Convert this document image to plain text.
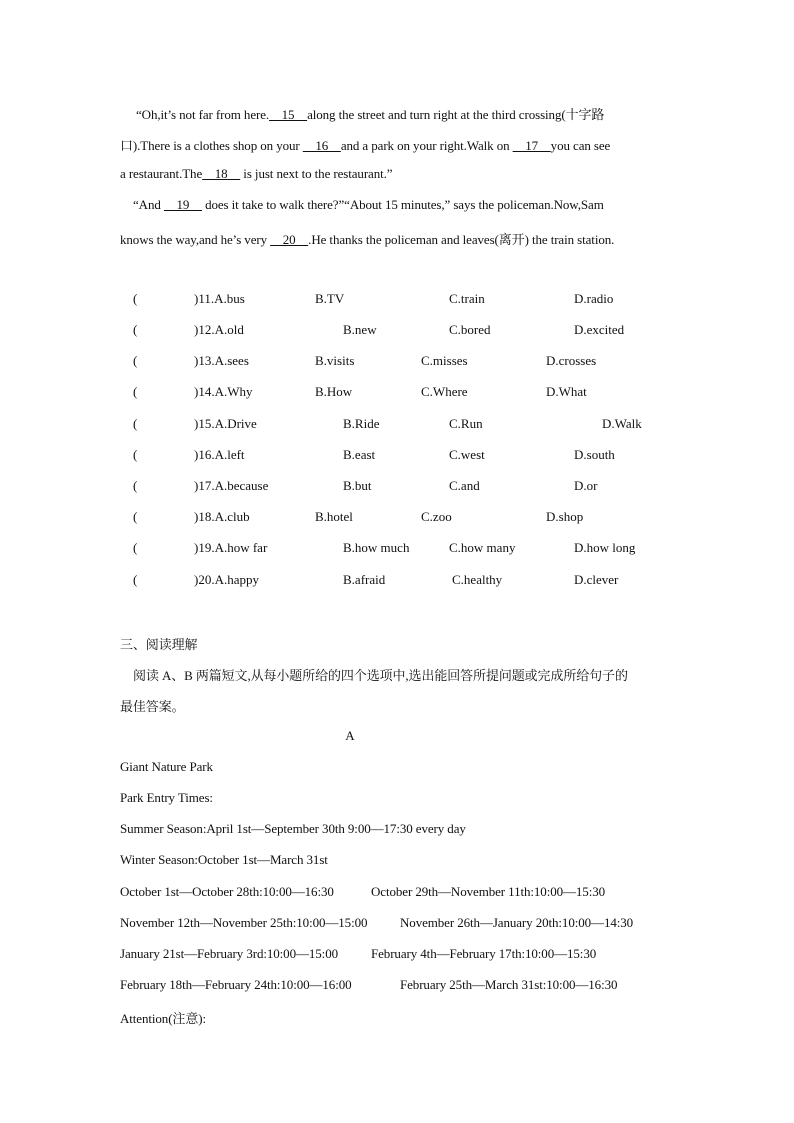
“Oh,it’s not far from here.    15    along the street and turn right at the third crossing(十字路
口).There is a clothes shop on your     16    and a park on your right.Walk on     17    you can see
a restaurant.The    18     is just next to the restaurant.”
“And     19     does it take to walk there?”“About 15 minutes,” says the policeman.Now,Sam
knows the way,and he’s very     20    .He thanks the policeman and leaves(离开) the train station.
(	)11.A.bus	B.TV	C.train	D.radio
(	)12.A.old	B.new	C.bored	D.excited
(	)13.A.sees	B.visits	C.misses	D.crosses
(	)14.A.Why	B.How	C.Where	D.What
(	)15.A.Drive	B.Ride	C.Run	D.Walk
(	)16.A.left	B.east	C.west	D.south
(	)17.A.because	B.but	C.and	D.or
(	)18.A.club	B.hotel	C.zoo	D.shop
(	)19.A.how far	B.how much	C.how many	D.how long
(	)20.A.happy	B.afraid	C.healthy	D.clever
三、阅读理解
阅读 A、B 两篇短文,从每小题所给的四个选项中,选出能回答所提问题或完成所给句子的
最佳答案。
A
Giant Nature Park
Park Entry Times:
Summer Season:April 1st—September 30th 9:00—17:30 every day
Winter Season:October 1st—March 31st
October 1st—October 28th:10:00—16:30	October 29th—November 11th:10:00—15:30
November 12th—November 25th:10:00—15:00	November 26th—January 20th:10:00—14:30
January 21st—February 3rd:10:00—15:00	February 4th—February 17th:10:00—15:30
February 18th—February 24th:10:00—16:00	February 25th—March 31st:10:00—16:30
Attention(注意):
